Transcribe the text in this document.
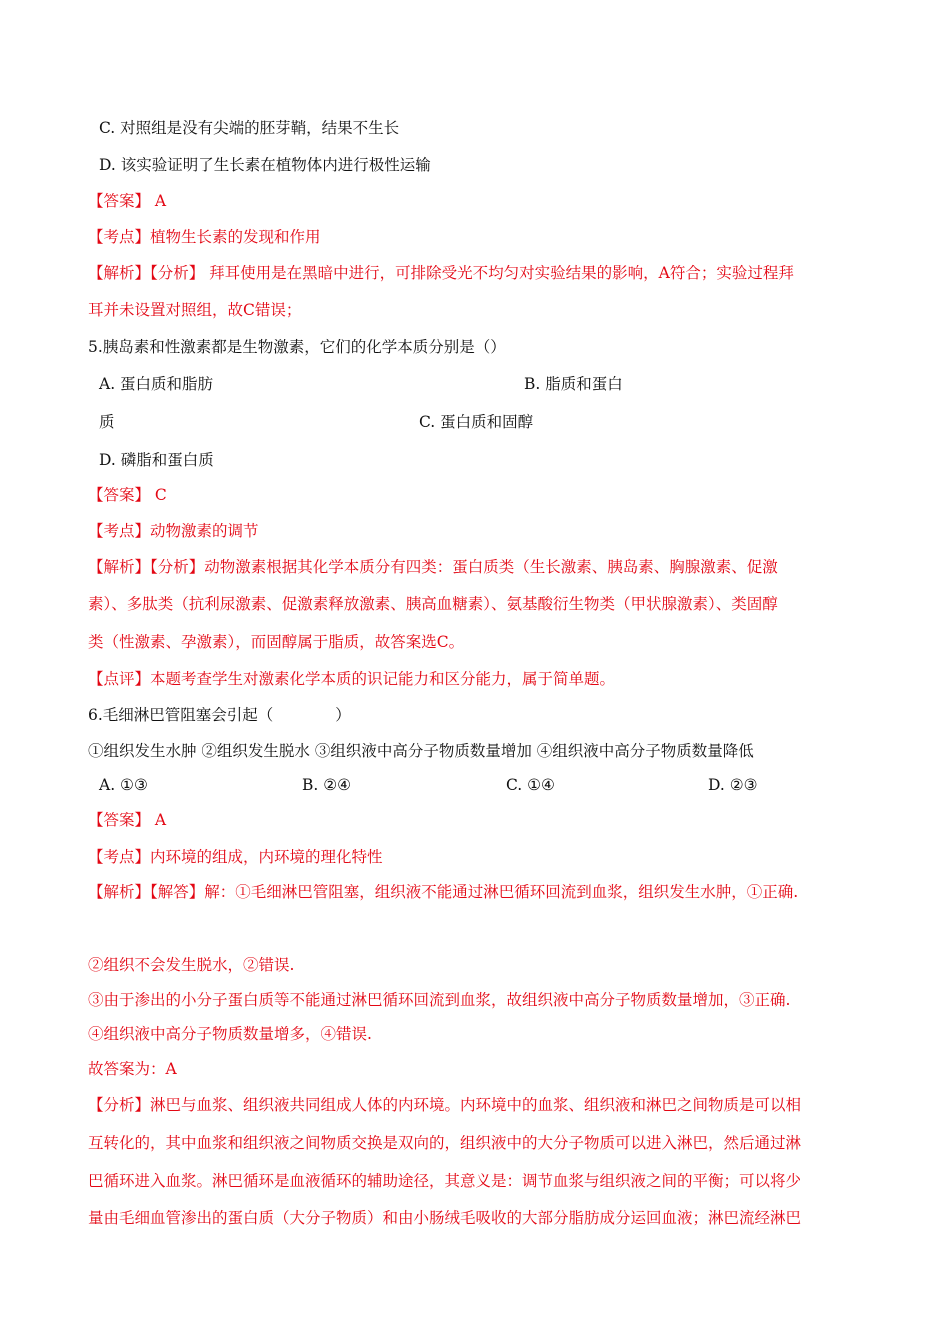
C. 对照组是没有尖端的胚芽鞘，结果不生长
D. 该实验证明了生长素在植物体内进行极性运输
【答案】 A
【考点】植物生长素的发现和作用
【解析】【分析】 拜耳使用是在黑暗中进行，可排除受光不均匀对实验结果的影响，A符合；实验过程拜
耳并未设置对照组，故C错误；
5.胰岛素和性激素都是生物激素，它们的化学本质分别是（）
A. 蛋白质和脂肪	B. 脂质和蛋白
质	C. 蛋白质和固醇
D. 磷脂和蛋白质
【答案】 C
【考点】动物激素的调节
【解析】【分析】动物激素根据其化学本质分有四类：蛋白质类（生长激素、胰岛素、胸腺激素、促激
素）、多肽类（抗利尿激素、促激素释放激素、胰高血糖素）、氨基酸衍生物类（甲状腺激素）、类固醇
类（性激素、孕激素），而固醇属于脂质，故答案选C。
【点评】本题考查学生对激素化学本质的识记能力和区分能力，属于简单题。
6.毛细淋巴管阻塞会引起（　　　　）
①组织发生水肿 ②组织发生脱水 ③组织液中高分子物质数量增加 ④组织液中高分子物质数量降低
A. ①③	B. ②④	C. ①④	D. ②③
【答案】 A
【考点】内环境的组成，内环境的理化特性
【解析】【解答】解：①毛细淋巴管阻塞，组织液不能通过淋巴循环回流到血浆，组织发生水肿，①正确.
②组织不会发生脱水，②错误.
③由于渗出的小分子蛋白质等不能通过淋巴循环回流到血浆，故组织液中高分子物质数量增加，③正确.
④组织液中高分子物质数量增多，④错误.
故答案为：A
【分析】淋巴与血浆、组织液共同组成人体的内环境。内环境中的血浆、组织液和淋巴之间物质是可以相
互转化的，其中血浆和组织液之间物质交换是双向的，组织液中的大分子物质可以进入淋巴，然后通过淋
巴循环进入血浆。淋巴循环是血液循环的辅助途径，其意义是：调节血浆与组织液之间的平衡；可以将少
量由毛细血管渗出的蛋白质（大分子物质）和由小肠绒毛吸收的大部分脂肪成分运回血液；淋巴流经淋巴
